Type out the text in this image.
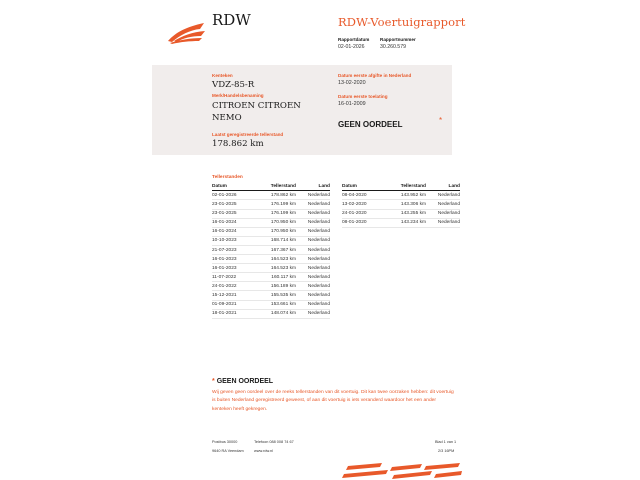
RDW	RDW-Voertuigrapport
Rapportdatum
02-01-2026
Rapportnummer
30.260.579
Kenteken
VDZ-85-R
Merk/Handelsbenaming
CITROEN CITROEN
NEMO
Laatst geregistreerde tellerstand
178.862 km
Datum eerste afgifte in Nederland
13-02-2020
Datum eerste toelating
16-01-2009
GEEN OORDEEL	*
Tellerstanden
Datum	Tellerstand	Land
02-01-2026	178.862 km	Nederland
23-01-2025	176.199 km	Nederland
23-01-2025	176.199 km	Nederland
16-01-2024	170.950 km	Nederland
16-01-2024	170.950 km	Nederland
10-10-2023	168.714 km	Nederland
21-07-2023	167.367 km	Nederland
16-01-2023	164.523 km	Nederland
16-01-2023	164.523 km	Nederland
11-07-2022	160.117 km	Nederland
24-01-2022	156.189 km	Nederland
15-12-2021	155.535 km	Nederland
01-09-2021	153.661 km	Nederland
18-01-2021	148.074 km	Nederland
Datum	Tellerstand	Land
08-04-2020	143.952 km	Nederland
13-02-2020	143.306 km	Nederland
24-01-2020	143.255 km	Nederland
08-01-2020	143.234 km	Nederland
* GEEN OORDEEL
Wij geven geen oordeel over de reeks tellerstanden van dit voertuig. Dit kan twee oorzaken hebben: dit voertuig is buiten Nederland geregistreerd geweest, of aan dit voertuig is iets veranderd waardoor het een ander kenteken heeft gekregen.
Postbus 30000
9640 RA Veendam
Telefoon 088 008 74 67
www.rdw.nl
Blad 1 van 1
2/3 16PM
